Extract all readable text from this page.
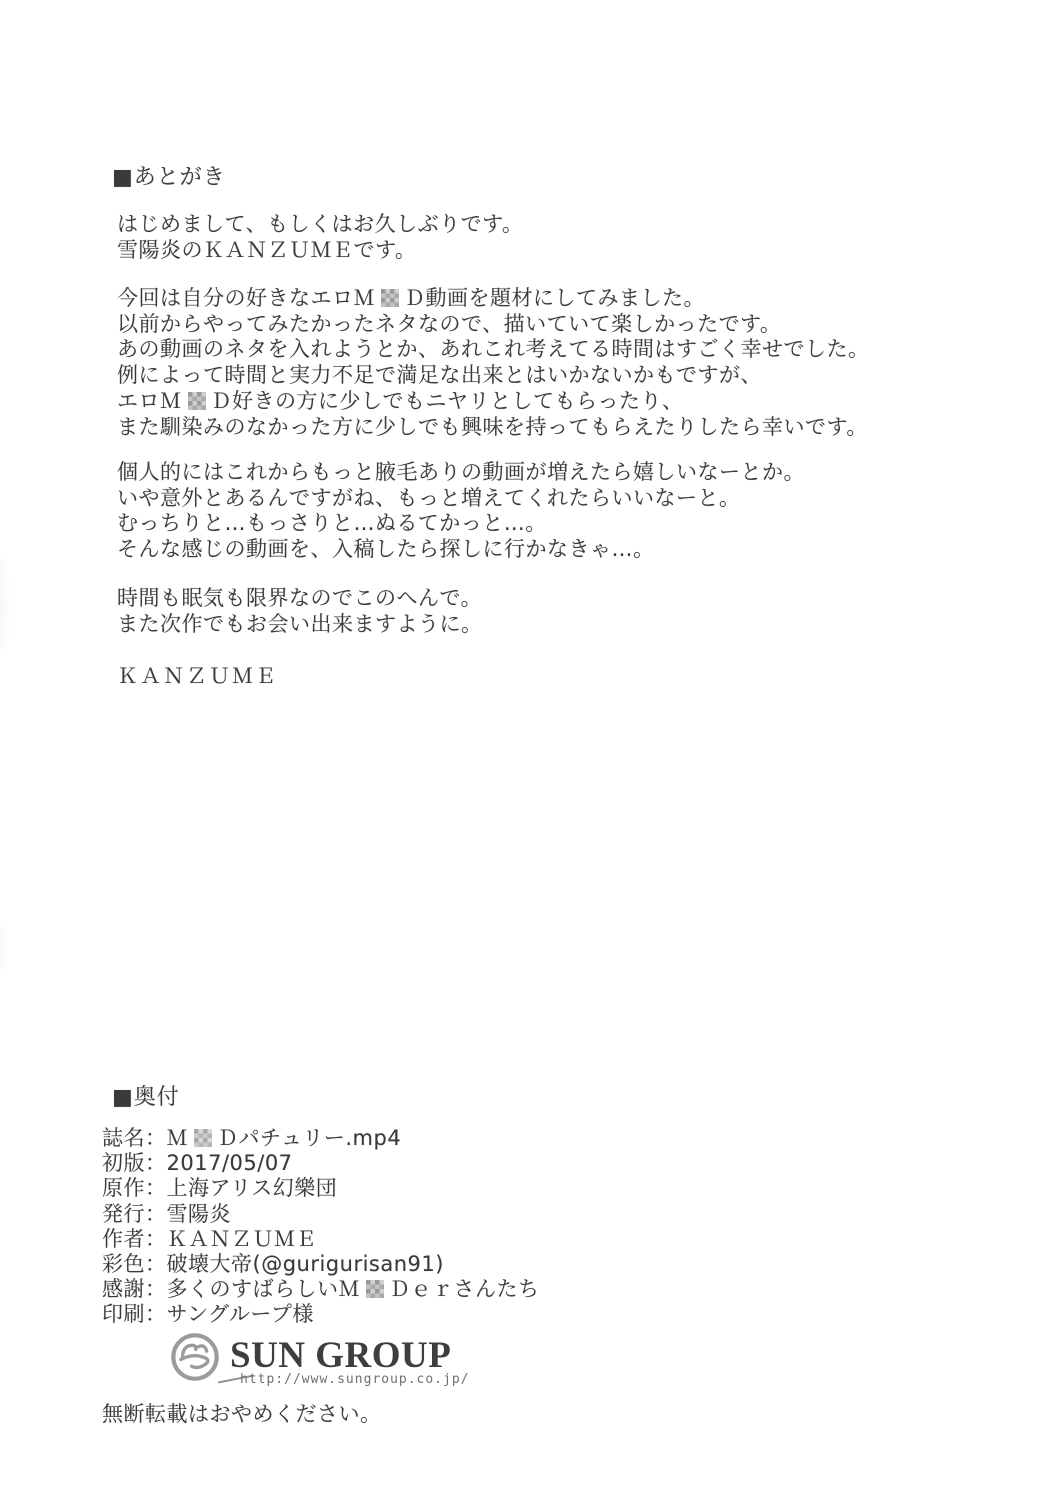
■あとがき
はじめまして、もしくはお久しぶりです。
雪陽炎のＫＡＮＺＵＭＥです。
今回は自分の好きなエロＭ Ｄ動画を題材にしてみました。
以前からやってみたかったネタなので、描いていて楽しかったです。
あの動画のネタを入れようとか、あれこれ考えてる時間はすごく幸せでした。
例によって時間と実力不足で満足な出来とはいかないかもですが、
エロＭ Ｄ好きの方に少しでもニヤリとしてもらったり、
また馴染みのなかった方に少しでも興味を持ってもらえたりしたら幸いです。
個人的にはこれからもっと腋毛ありの動画が増えたら嬉しいなーとか。
いや意外とあるんですがね、もっと増えてくれたらいいなーと。
むっちりと…もっさりと…ぬるてかっと…。
そんな感じの動画を、入稿したら探しに行かなきゃ…。
時間も眠気も限界なのでこのへんで。
また次作でもお会い出来ますように。
ＫＡＮＺＵＭＥ
■奥付
誌名：Ｍ Ｄパチュリー.mp4
初版：2017/05/07
原作：上海アリス幻樂団
発行：雪陽炎
作者：ＫＡＮＺＵＭＥ
彩色：破壊大帝(@gurigurisan91)
感謝：多くのすばらしいＭ Ｄｅｒさんたち
印刷：サングループ様
SUN GROUP
http://www.sungroup.co.jp/
無断転載はおやめください。
